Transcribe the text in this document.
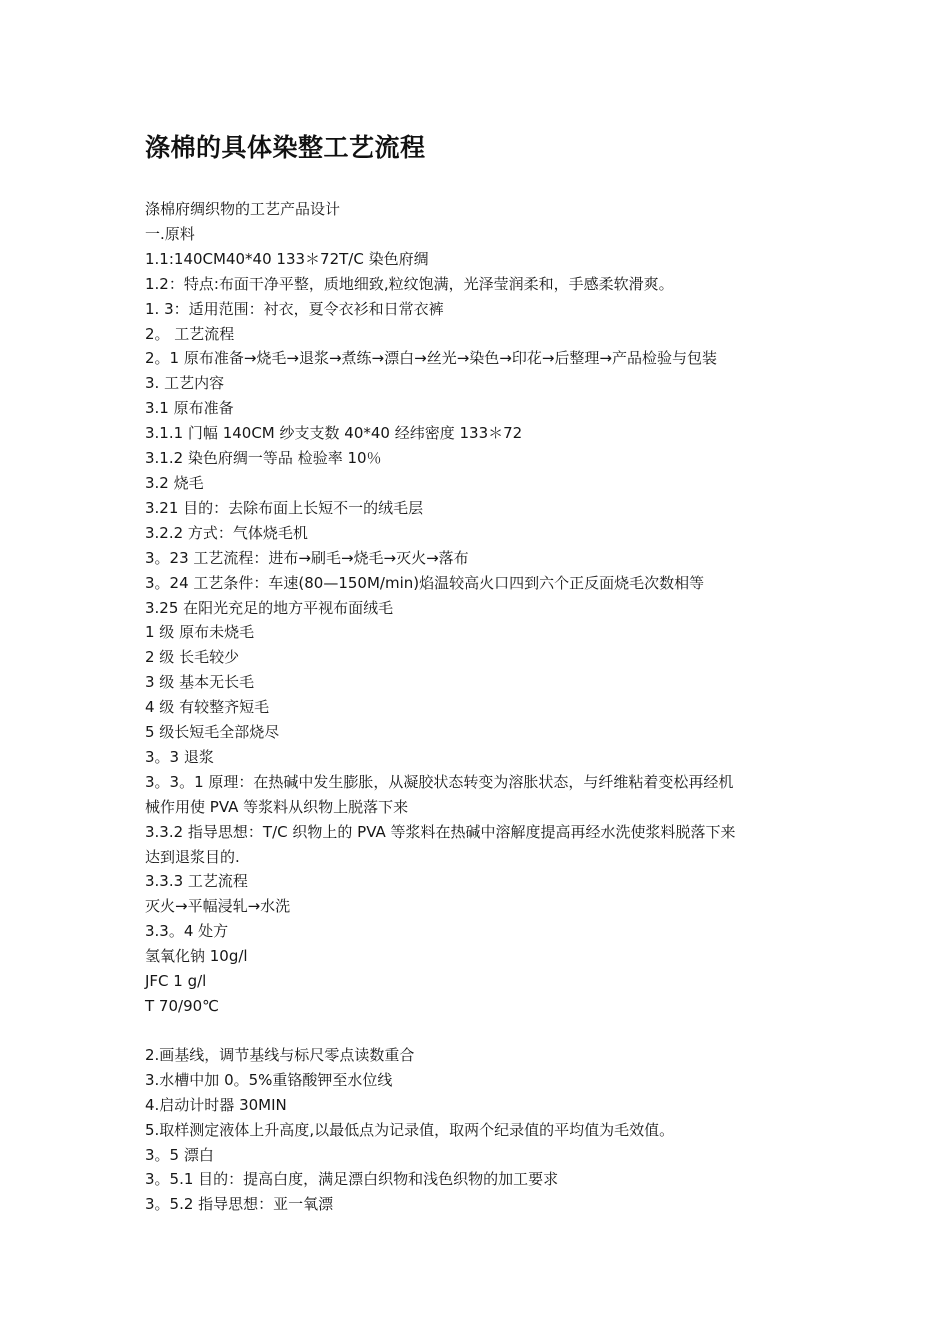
涤棉的具体染整工艺流程
涤棉府绸织物的工艺产品设计
一.原料
1.1:140CM40*40 133＊72T/C 染色府绸
1.2：特点:布面干净平整，质地细致,粒纹饱满，光泽莹润柔和，手感柔软滑爽。
1. 3：适用范围：衬衣，夏令衣衫和日常衣裤
2。 工艺流程
2。1 原布准备→烧毛→退浆→煮练→漂白→丝光→染色→印花→后整理→产品检验与包装
3. 工艺内容
3.1 原布准备
3.1.1 门幅 140CM 纱支支数 40*40 经纬密度 133＊72
3.1.2 染色府绸一等品 检验率 10％
3.2 烧毛
3.21 目的：去除布面上长短不一的绒毛层
3.2.2 方式：气体烧毛机
3。23 工艺流程：进布→刷毛→烧毛→灭火→落布
3。24 工艺条件：车速(80—150M/min)焰温较高火口四到六个正反面烧毛次数相等
3.25 在阳光充足的地方平视布面绒毛
1 级 原布未烧毛
2 级 长毛较少
3 级 基本无长毛
4 级 有较整齐短毛
5 级长短毛全部烧尽
3。3 退浆
3。3。1 原理：在热碱中发生膨胀，从凝胶状态转变为溶胀状态，与纤维粘着变松再经机
械作用使 PVA 等浆料从织物上脱落下来
3.3.2 指导思想：T/C 织物上的 PVA 等浆料在热碱中溶解度提高再经水洗使浆料脱落下来
达到退浆目的.
3.3.3 工艺流程
灭火→平幅浸轧→水洗
3.3。4 处方
氢氧化钠 10g/l
JFC 1 g/l
T 70/90℃
2.画基线，调节基线与标尺零点读数重合
3.水槽中加 0。5%重铬酸钾至水位线
4.启动计时器 30MIN
5.取样测定液体上升高度,以最低点为记录值，取两个纪录值的平均值为毛效值。
3。5 漂白
3。5.1 目的：提高白度，满足漂白织物和浅色织物的加工要求
3。5.2 指导思想：亚一氧漂
